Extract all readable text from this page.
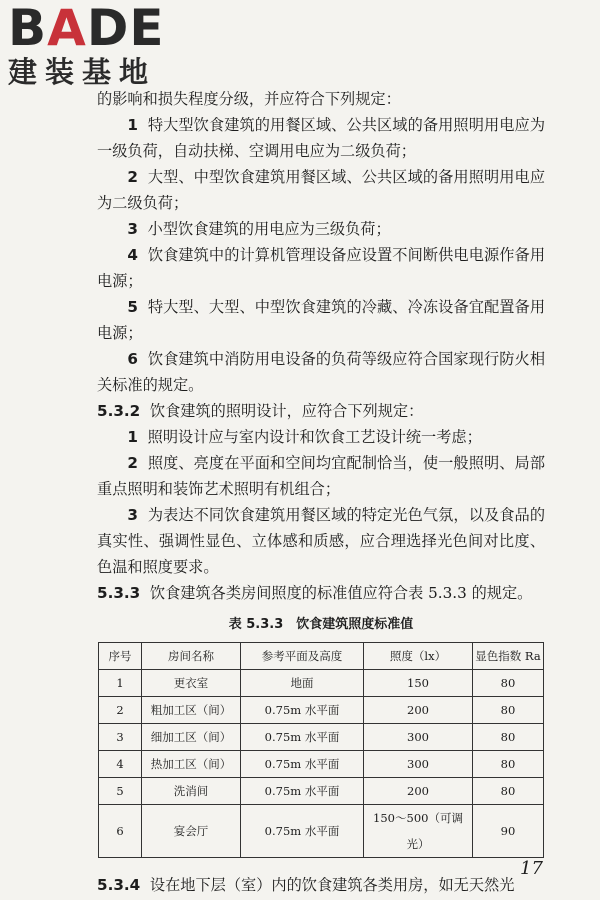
BADE
建装基地

的影响和损失程度分级，并应符合下列规定：

1 特大型饮食建筑的用餐区域、公共区域的备用照明用电应为一级负荷，自动扶梯、空调用电应为二级负荷；

2 大型、中型饮食建筑用餐区域、公共区域的备用照明用电应为二级负荷；

3 小型饮食建筑的用电应为三级负荷；

4 饮食建筑中的计算机管理设备应设置不间断供电电源作备用电源；

5 特大型、大型、中型饮食建筑的冷藏、冷冻设备宜配置备用电源；

6 饮食建筑中消防用电设备的负荷等级应符合国家现行防火相关标准的规定。

5.3.2 饮食建筑的照明设计，应符合下列规定：

1 照明设计应与室内设计和饮食工艺设计统一考虑；

2 照度、亮度在平面和空间均宜配制恰当，使一般照明、局部重点照明和装饰艺术照明有机组合；

3 为表达不同饮食建筑用餐区域的特定光色气氛，以及食品的真实性、强调性显色、立体感和质感，应合理选择光色间对比度、色温和照度要求。

5.3.3 饮食建筑各类房间照度的标准值应符合表 5.3.3 的规定。

表 5.3.3　饮食建筑照度标准值
序号	房间名称	参考平面及高度	照度（lx）	显色指数 Ra
1	更衣室	地面	150	80
2	粗加工区（间）	0.75m 水平面	200	80
3	细加工区（间）	0.75m 水平面	300	80
4	热加工区（间）	0.75m 水平面	300	80
5	洗消间	0.75m 水平面	200	80
6	宴会厅	0.75m 水平面	150～500（可调光）	90

5.3.4 设在地下层（室）内的饮食建筑各类用房，如无天然光

17
